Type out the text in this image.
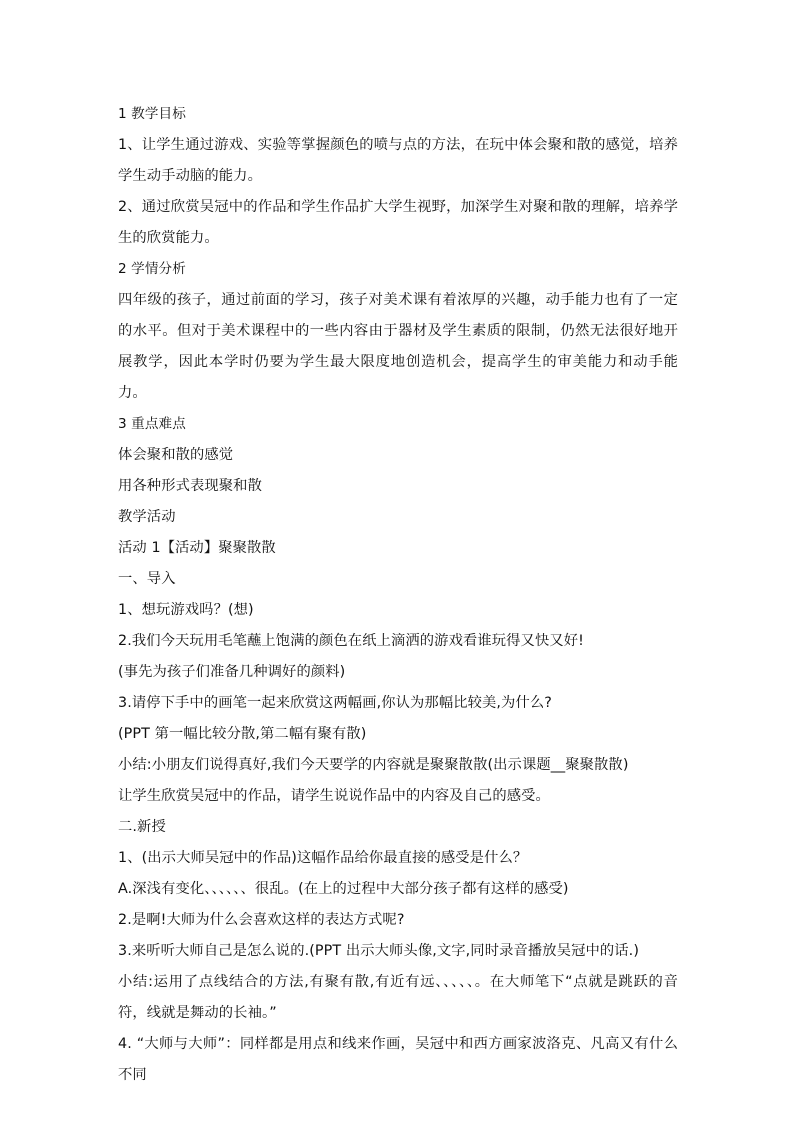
1 教学目标

1、让学生通过游戏、实验等掌握颜色的喷与点的方法，在玩中体会聚和散的感觉，培养学生动手动脑的能力。

2、通过欣赏吴冠中的作品和学生作品扩大学生视野，加深学生对聚和散的理解，培养学生的欣赏能力。

2 学情分析

四年级的孩子，通过前面的学习，孩子对美术课有着浓厚的兴趣，动手能力也有了一定的水平。但对于美术课程中的一些内容由于器材及学生素质的限制，仍然无法很好地开展教学，因此本学时仍要为学生最大限度地创造机会，提高学生的审美能力和动手能力。

3 重点难点

体会聚和散的感觉

用各种形式表现聚和散

教学活动

活动 1【活动】聚聚散散

一、导入

1、想玩游戏吗？(想)

2.我们今天玩用毛笔蘸上饱满的颜色在纸上滴洒的游戏看谁玩得又快又好!

(事先为孩子们准备几种调好的颜料)

3.请停下手中的画笔一起来欣赏这两幅画,你认为那幅比较美,为什么?

(PPT 第一幅比较分散,第二幅有聚有散)

小结:小朋友们说得真好,我们今天要学的内容就是聚聚散散(出示课题__聚聚散散)

让学生欣赏吴冠中的作品，请学生说说作品中的内容及自己的感受。

二.新授

1、(出示大师吴冠中的作品)这幅作品给你最直接的感受是什么？

A.深浅有变化、、、、、、很乱。(在上的过程中大部分孩子都有这样的感受)

2.是啊!大师为什么会喜欢这样的表达方式呢?

3.来听听大师自己是怎么说的.(PPT 出示大师头像,文字,同时录音播放吴冠中的话.)

小结:运用了点线结合的方法,有聚有散,有近有远、、、、、。在大师笔下“点就是跳跃的音符，线就是舞动的长袖。”

4. “大师与大师”：同样都是用点和线来作画，吴冠中和西方画家波洛克、凡高又有什么不同
